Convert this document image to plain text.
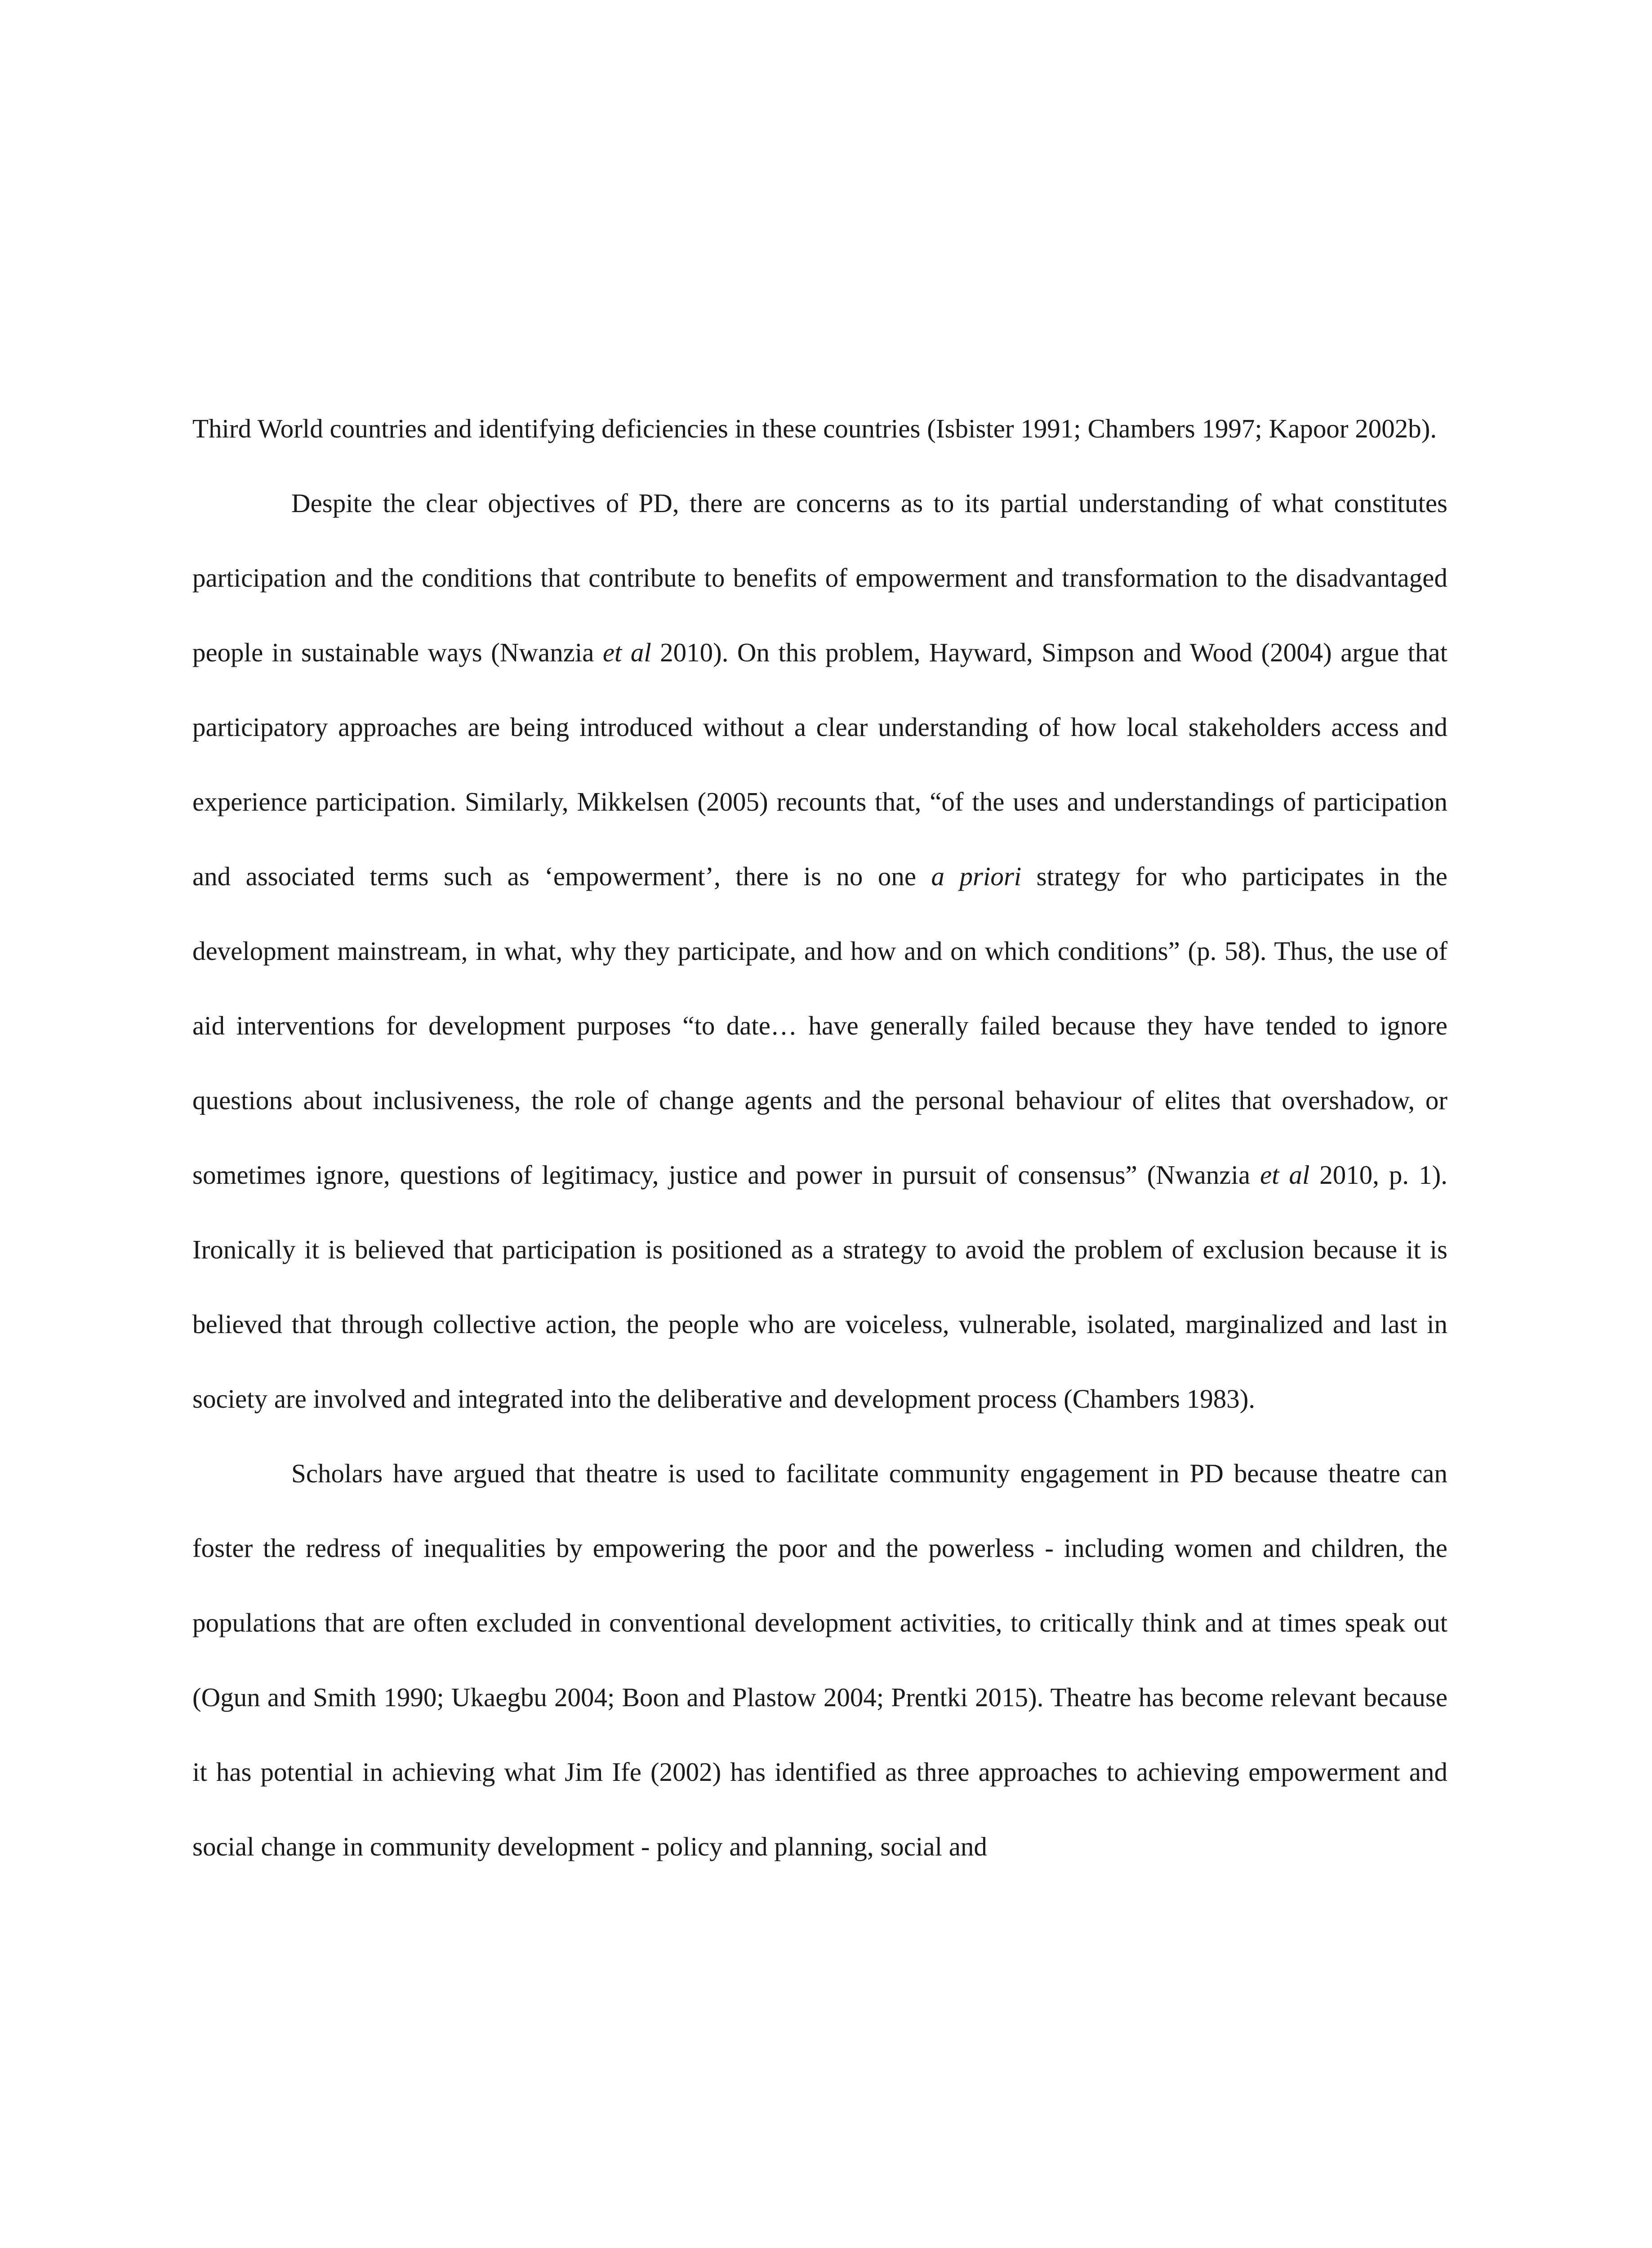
Third World countries and identifying deficiencies in these countries (Isbister 1991; Chambers 1997; Kapoor 2002b).

Despite the clear objectives of PD, there are concerns as to its partial understanding of what constitutes participation and the conditions that contribute to benefits of empowerment and transformation to the disadvantaged people in sustainable ways (Nwanzia et al 2010). On this problem, Hayward, Simpson and Wood (2004) argue that participatory approaches are being introduced without a clear understanding of how local stakeholders access and experience participation. Similarly, Mikkelsen (2005) recounts that, “of the uses and understandings of participation and associated terms such as ‘empowerment’, there is no one a priori strategy for who participates in the development mainstream, in what, why they participate, and how and on which conditions” (p. 58). Thus, the use of aid interventions for development purposes “to date… have generally failed because they have tended to ignore questions about inclusiveness, the role of change agents and the personal behaviour of elites that overshadow, or sometimes ignore, questions of legitimacy, justice and power in pursuit of consensus” (Nwanzia et al 2010, p. 1). Ironically it is believed that participation is positioned as a strategy to avoid the problem of exclusion because it is believed that through collective action, the people who are voiceless, vulnerable, isolated, marginalized and last in society are involved and integrated into the deliberative and development process (Chambers 1983).

Scholars have argued that theatre is used to facilitate community engagement in PD because theatre can foster the redress of inequalities by empowering the poor and the powerless - including women and children, the populations that are often excluded in conventional development activities, to critically think and at times speak out (Ogun and Smith 1990; Ukaegbu 2004; Boon and Plastow 2004; Prentki 2015). Theatre has become relevant because it has potential in achieving what Jim Ife (2002) has identified as three approaches to achieving empowerment and social change in community development - policy and planning, social and
